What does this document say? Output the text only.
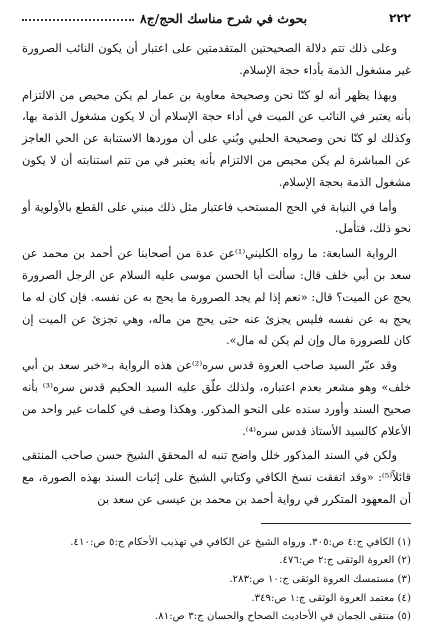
٢٢٢
بحوث في شرح مناسك الحج/ج٨

وعلى ذلك تتم دلالة الصحيحتين المتقدمتين على اعتبار أن يكون النائب الصرورة غير مشغول الذمة بأداء حجة الإسلام.

وبهذا يظهر أنه لو كنّا نحن وصحيحة معاوية بن عمار لم يكن محيص من الالتزام بأنه يعتبر في النائب عن الميت في أداء حجة الإسلام أن لا يكون مشغول الذمة بها، وكذلك لو كنّا نحن وصحيحة الحلبي وبُني على أن موردها الاستنابة عن الحي العاجز عن المباشرة لم يكن محيص من الالتزام بأنه يعتبر في من تتم استنابته أن لا يكون مشغول الذمة بحجة الإسلام.

وأما في النيابة في الحج المستحب فاعتبار مثل ذلك مبني على القطع بالأولوية أو نحو ذلك، فتأمل.

الرواية السابعة: ما رواه الكليني⁽¹⁾عن عدة من أصحابنا عن أحمد بن محمد عن سعد بن أبي خلف قال: سألت أبا الحسن موسى عليه السلام عن الرجل الصرورة يحج عن الميت؟ قال: «نعم إذا لم يجد الصرورة ما يحج به عن نفسه. فإن كان له ما يحج به عن نفسه فليس يجزئ عنه حتى يحج من ماله، وهي تجزئ عن الميت إن كان للصرورة مال وإن لم يكن له مال».

وقد عبّر السيد صاحب العروة قدس سره⁽²⁾عن هذه الرواية بـ«خبر سعد بن أبي خلف» وهو مشعر بعدم اعتباره، ولذلك علّق عليه السيد الحكيم قدس سره⁽³⁾ بأنه صحيح السند وأورد سنده على النحو المذكور. وهكذا وصف في كلمات غير واحد من الأعلام كالسيد الأستاذ قدس سره⁽⁴⁾.

ولكن في السند المذكور خلل واضح تنبه له المحقق الشيخ حسن صاحب المنتقى قائلاً⁽⁵⁾: «وقد اتفقت نسخ الكافي وكتابي الشيخ على إثبات السند بهذه الصورة، مع أن المعهود المتكرر في رواية أحمد بن محمد بن عيسى عن سعد بن

(١) الكافي ج:٤ ص:٣٠٥. ورواه الشيخ عن الكافي في تهذيب الأحكام ج:٥ ص:٤١٠.
(٢) العروة الوثقى ج:٢ ص:٤٧٦.
(٣) مستمسك العروة الوثقى ج:١٠ ص:٢٨٣.
(٤) معتمد العروة الوثقى ج:١ ص:٣٤٩.
(٥) منتقى الجمان في الأحاديث الصحاح والحسان ج:٣ ص:٨١.
